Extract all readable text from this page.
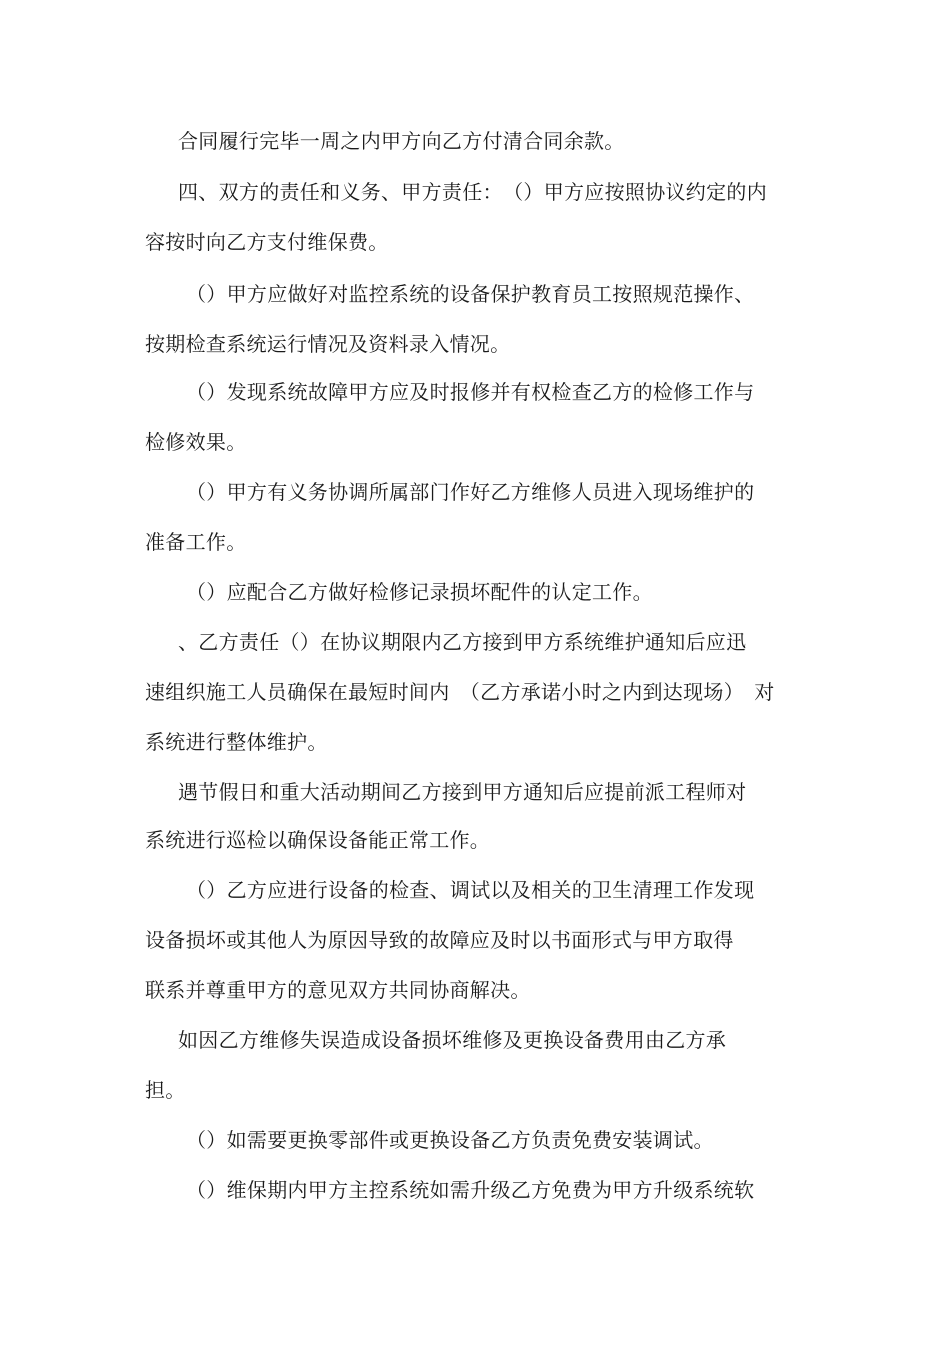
合同履行完毕一周之内甲方向乙方付清合同余款。
四、双方的责任和义务、甲方责任：　（）甲方应按照协议约定的内
容按时向乙方支付维保费。
（）甲方应做好对监控系统的设备保护教育员工按照规范操作、
按期检查系统运行情况及资料录入情况。
（）发现系统故障甲方应及时报修并有权检查乙方的检修工作与
检修效果。
（）甲方有义务协调所属部门作好乙方维修人员进入现场维护的
准备工作。
（）应配合乙方做好检修记录损坏配件的认定工作。
、乙方责任（）在协议期限内乙方接到甲方系统维护通知后应迅
速组织施工人员确保在最短时间内　（乙方承诺小时之内到达现场）　对
系统进行整体维护。
遇节假日和重大活动期间乙方接到甲方通知后应提前派工程师对
系统进行巡检以确保设备能正常工作。
（）乙方应进行设备的检查、调试以及相关的卫生清理工作发现
设备损坏或其他人为原因导致的故障应及时以书面形式与甲方取得
联系并尊重甲方的意见双方共同协商解决。
如因乙方维修失误造成设备损坏维修及更换设备费用由乙方承
担。
（）如需要更换零部件或更换设备乙方负责免费安装调试。
（）维保期内甲方主控系统如需升级乙方免费为甲方升级系统软
